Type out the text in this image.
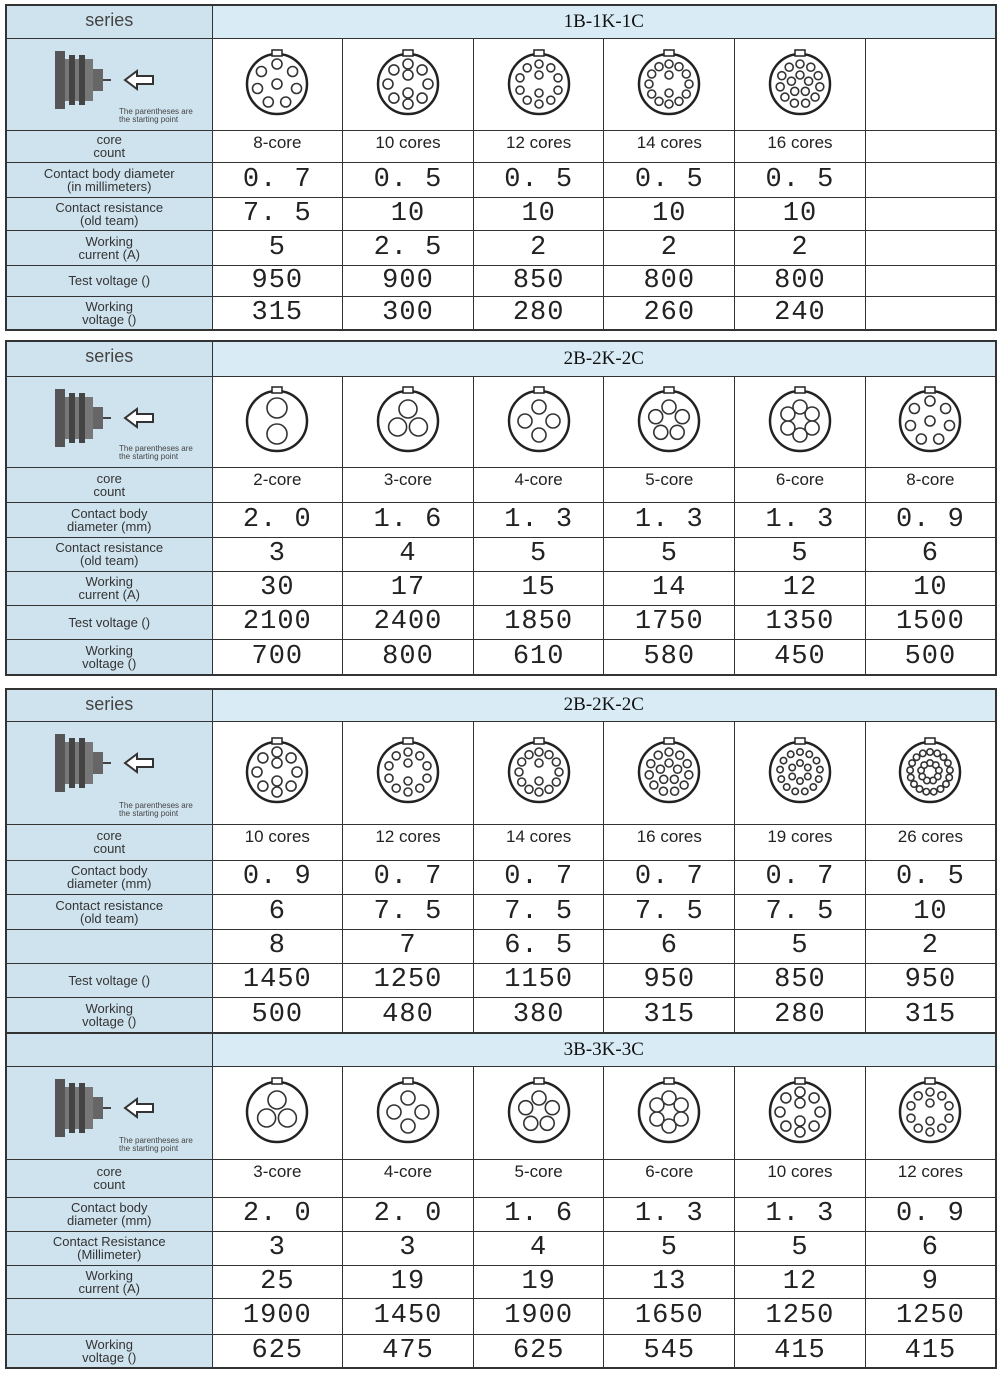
series	1B-1K-1C					

The parentheses are
the starting point

core
count	8-core	10 cores	12 cores	14 cores	16 cores	

Contact body diameter
(in millimeters)	0. 7	0. 5	0. 5	0. 5	0. 5	

Contact resistance
(old team)	7. 5	10	10	10	10	

Working
current (A)	5	2. 5	2	2	2	

Test voltage ()	950	900	850	800	800	

Working
voltage ()	315	300	280	260	240	
series	2B-2K-2C					

The parentheses are
the starting point

core
count	2-core	3-core	4-core	5-core	6-core	8-core

Contact body
diameter (mm)	2. 0	1. 6	1. 3	1. 3	1. 3	0. 9

Contact resistance
(old team)	3	4	5	5	5	6

Working
current (A)	30	17	15	14	12	10

Test voltage ()	2100	2400	1850	1750	1350	1500

Working
voltage ()	700	800	610	580	450	500
series	2B-2K-2C					

The parentheses are
the starting point

core
count	10 cores	12 cores	14 cores	16 cores	19 cores	26 cores

Contact body
diameter (mm)	0. 9	0. 7	0. 7	0. 7	0. 7	0. 5

Contact resistance
(old team)	6	7. 5	7. 5	7. 5	7. 5	10

	8	7	6. 5	6	5	2

Test voltage ()	1450	1250	1150	950	850	950

Working
voltage ()	500	480	380	315	280	315
	3B-3K-3C					

The parentheses are
the starting point

core
count	3-core	4-core	5-core	6-core	10 cores	12 cores

Contact body
diameter (mm)	2. 0	2. 0	1. 6	1. 3	1. 3	0. 9

Contact Resistance
(Millimeter)	3	3	4	5	5	6

Working
current (A)	25	19	19	13	12	9

	1900	1450	1900	1650	1250	1250

Working
voltage ()	625	475	625	545	415	415
